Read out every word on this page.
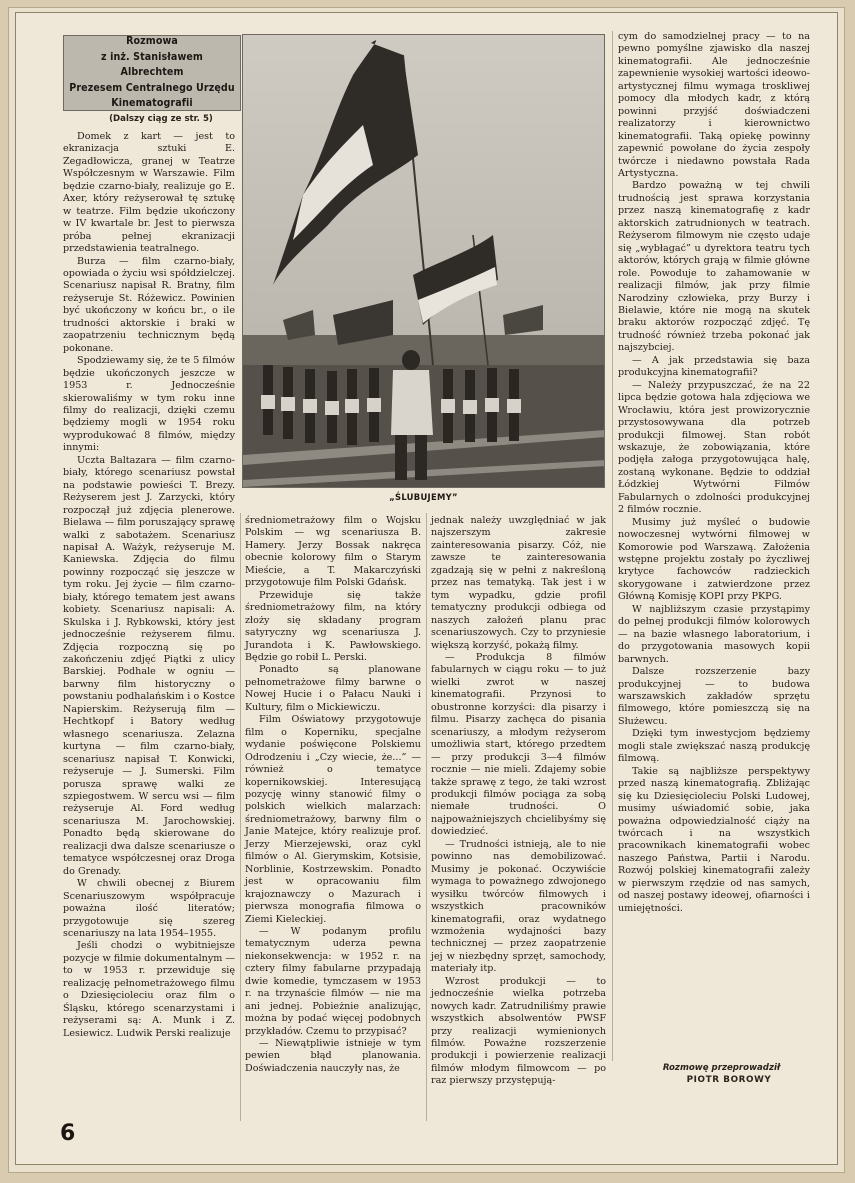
Rozmowa
z inż. Stanisławem Albrechtem
Prezesem Centralnego Urzędu
Kinematografii
(Dalszy ciąg ze str. 5)
„ŚLUBUJEMY”

Domek z kart — jest to ekranizacja sztuki E. Zegadłowicza, granej w Teatrze Współczesnym w Warszawie. Film będzie czarno-biały, realizuje go E. Axer, który reżyserował tę sztukę w teatrze. Film będzie ukończony w IV kwartale br. Jest to pierwsza próba pełnej ekranizacji przedstawienia teatralnego.

Burza — film czarno-biały, opowiada o życiu wsi spółdzielczej. Scenariusz napisał R. Bratny, film reżyseruje St. Różewicz. Powinien być ukończony w końcu br., o ile trudności aktorskie i braki w zaopatrzeniu technicznym będą pokonane.

Spodziewamy się, że te 5 filmów będzie ukończonych jeszcze w 1953 r. Jednocześnie skierowaliśmy w tym roku inne filmy do realizacji, dzięki czemu będziemy mogli w 1954 roku wyprodukować 8 filmów, między innymi:

Uczta Baltazara — film czarno-biały, którego scenariusz powstał na podstawie powieści T. Brezy. Reżyserem jest J. Zarzycki, który rozpoczął już zdjęcia plenerowe. Bielawa — film poruszający sprawę walki z sabotażem. Scenariusz napisał A. Ważyk, reżyseruje M. Kaniewska. Zdjęcia do filmu powinny rozpocząć się jeszcze w tym roku. Jej życie — film czarno-biały, którego tematem jest awans kobiety. Scenariusz napisali: A. Skulska i J. Rybkowski, który jest jednocześnie reżyserem filmu. Zdjęcia rozpoczną się po zakończeniu zdjęć Piątki z ulicy Barskiej. Podhale w ogniu — barwny film historyczny o powstaniu podhalańskim i o Kostce Napierskim. Reżyserują film — Hechtkopf i Batory według własnego scenariusza. Zelazna kurtyna — film czarno-biały, scenariusz napisał T. Konwicki, reżyseruje — J. Sumerski. Film porusza sprawę walki ze szpiegostwem. W sercu wsi — film reżyseruje Al. Ford według scenariusza M. Jarochowskiej. Ponadto będą skierowane do realizacji dwa dalsze scenariusze o tematyce współczesnej oraz Droga do Grenady.

W chwili obecnej z Biurem Scenariuszowym współpracuje poważna ilość literatów; przygotowuje się szereg scenariuszy na lata 1954–1955.

Jeśli chodzi o wybitniejsze pozycje w filmie dokumentalnym — to w 1953 r. przewiduje się realizację pełnometrażowego filmu o Dziesięcioleciu oraz film o Śląsku, którego scenarzystami i reżyserami są: A. Munk i Z. Lesiewicz. Ludwik Perski realizuje

średniometrażowy film o Wojsku Polskim — wg scenariusza B. Hamery. Jerzy Bossak nakręca obecnie kolorowy film o Starym Mieście, a T. Makarczyński przygotowuje film Polski Gdańsk.

Przewiduje się także średniometrażowy film, na który złoży się składany program satyryczny wg scenariusza J. Jurandota i K. Pawłowskiego. Będzie go robił L. Perski.

Ponadto są planowane pełnometrażowe filmy barwne o Nowej Hucie i o Pałacu Nauki i Kultury, film o Mickiewiczu.

Film Oświatowy przygotowuje film o Koperniku, specjalne wydanie poświęcone Polskiemu Odrodzeniu i „Czy wiecie, że...” — również o tematyce kopernikowskiej. Interesującą pozycję winny stanowić filmy o polskich wielkich malarzach: średniometrażowy, barwny film o Janie Matejce, który realizuje prof. Jerzy Mierzejewski, oraz cykl filmów o Al. Gierymskim, Kotsisie, Norblinie, Kostrzewskim. Ponadto jest w opracowaniu film krajoznawczy o Mazurach i pierwsza monografia filmowa o Ziemi Kieleckiej.

— W podanym profilu tematycznym uderza pewna niekonsekwencja: w 1952 r. na cztery filmy fabularne przypadają dwie komedie, tymczasem w 1953 r. na trzynaście filmów — nie ma ani jednej. Pobieżnie analizując, można by podać więcej podobnych przykładów. Czemu to przypisać?

— Niewątpliwie istnieje w tym pewien błąd planowania. Doświadczenia nauczyły nas, że

jednak należy uwzględniać w jak najszerszym zakresie zainteresowania pisarzy. Cóż, nie zawsze te zainteresowania zgadzają się w pełni z nakreśloną przez nas tematyką. Tak jest i w tym wypadku, gdzie profil tematyczny produkcji odbiega od naszych założeń planu prac scenariuszowych. Czy to przyniesie większą korzyść, pokażą filmy.

— Produkcja 8 filmów fabularnych w ciągu roku — to już wielki zwrot w naszej kinematografii. Przynosi to obustronne korzyści: dla pisarzy i filmu. Pisarzy zachęca do pisania scenariuszy, a młodym reżyserom umożliwia start, którego przedtem — przy produkcji 3—4 filmów rocznie — nie mieli. Zdajemy sobie także sprawę z tego, że taki wzrost produkcji filmów pociąga za sobą niemałe trudności. O najpoważniejszych chcielibyśmy się dowiedzieć.

— Trudności istnieją, ale to nie powinno nas demobilizować. Musimy je pokonać. Oczywiście wymaga to poważnego zdwojonego wysiłku twórców filmowych i wszystkich pracowników kinematografii, oraz wydatnego wzmożenia wydajności bazy technicznej — przez zaopatrzenie jej w niezbędny sprzęt, samochody, materiały itp.

Wzrost produkcji — to jednocześnie wielka potrzeba nowych kadr. Zatrudniliśmy prawie wszystkich absolwentów PWSF przy realizacji wymienionych filmów. Poważne rozszerzenie produkcji i powierzenie realizacji filmów młodym filmowcom — po raz pierwszy przystępują-

cym do samodzielnej pracy — to na pewno pomyślne zjawisko dla naszej kinematografii. Ale jednocześnie zapewnienie wysokiej wartości ideowo-artystycznej filmu wymaga troskliwej pomocy dla młodych kadr, z którą powinni przyjść doświadczeni realizatorzy i kierownictwo kinematografii. Taką opiekę powinny zapewnić powołane do życia zespoły twórcze i niedawno powstała Rada Artystyczna.

Bardzo poważną w tej chwili trudnością jest sprawa korzystania przez naszą kinematografię z kadr aktorskich zatrudnionych w teatrach. Reżyserom filmowym nie często udaje się „wybłagać” u dyrektora teatru tych aktorów, których grają w filmie główne role. Powoduje to zahamowanie w realizacji filmów, jak przy filmie Narodziny człowieka, przy Burzy i Bielawie, które nie mogą na skutek braku aktorów rozpocząć zdjęć. Tę trudność również trzeba pokonać jak najszybciej.

— A jak przedstawia się baza produkcyjna kinematografii?

— Należy przypuszczać, że na 22 lipca będzie gotowa hala zdjęciowa we Wrocławiu, która jest prowizorycznie przystosowywana dla potrzeb produkcji filmowej. Stan robót wskazuje, że zobowiązania, które podjęła załoga przygotowująca halę, zostaną wykonane. Będzie to oddział Łódzkiej Wytwórni Filmów Fabularnych o zdolności produkcyjnej 2 filmów rocznie.

Musimy już myśleć o budowie nowoczesnej wytwórni filmowej w Komorowie pod Warszawą. Założenia wstępne projektu zostały po życzliwej krytyce fachowców radzieckich skorygowane i zatwierdzone przez Główną Komisję KOPI przy PKPG.

W najbliższym czasie przystąpimy do pełnej produkcji filmów kolorowych — na bazie własnego laboratorium, i do przygotowania masowych kopii barwnych.

Dalsze rozszerzenie bazy produkcyjnej — to budowa warszawskich zakładów sprzętu filmowego, które pomieszczą się na Służewcu.

Dzięki tym inwestycjom będziemy mogli stale zwiększać naszą produkcję filmową.

Takie są najbliższe perspektywy przed naszą kinematografią. Zbliżając się ku Dziesięcioleciu Polski Ludowej, musimy uświadomić sobie, jaka poważna odpowiedzialność ciąży na twórcach i na wszystkich pracownikach kinematografii wobec naszego Państwa, Partii i Narodu. Rozwój polskiej kinematografii zależy w pierwszym rzędzie od nas samych, od naszej postawy ideowej, ofiarności i umiejętności.

Rozmowę przeprowadził
PIOTR BOROWY
6
